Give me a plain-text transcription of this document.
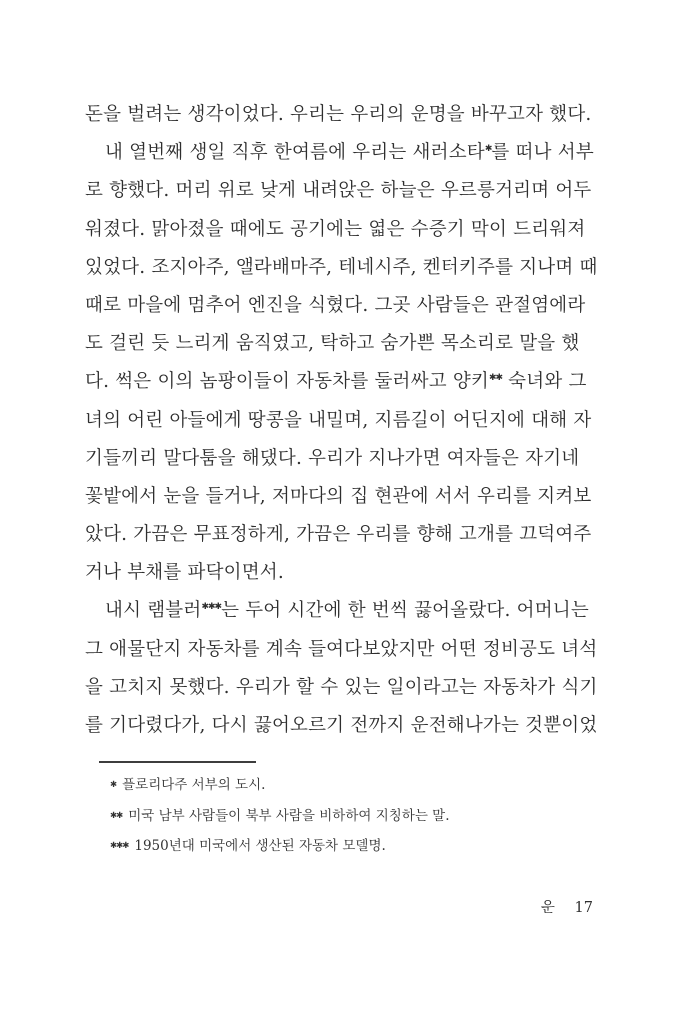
돈을 벌려는 생각이었다. 우리는 우리의 운명을 바꾸고자 했다.
내 열번째 생일 직후 한여름에 우리는 새러소타✱를 떠나 서부
로 향했다. 머리 위로 낮게 내려앉은 하늘은 우르릉거리며 어두
워졌다. 맑아졌을 때에도 공기에는 엷은 수증기 막이 드리워져
있었다. 조지아주, 앨라배마주, 테네시주, 켄터키주를 지나며 때
때로 마을에 멈추어 엔진을 식혔다. 그곳 사람들은 관절염에라
도 걸린 듯 느리게 움직였고, 탁하고 숨가쁜 목소리로 말을 했
다. 썩은 이의 놈팡이들이 자동차를 둘러싸고 양키✱✱ 숙녀와 그
녀의 어린 아들에게 땅콩을 내밀며, 지름길이 어딘지에 대해 자
기들끼리 말다툼을 해댔다. 우리가 지나가면 여자들은 자기네
꽃밭에서 눈을 들거나, 저마다의 집 현관에 서서 우리를 지켜보
았다. 가끔은 무표정하게, 가끔은 우리를 향해 고개를 끄덕여주
거나 부채를 파닥이면서.
내시 램블러✱✱✱는 두어 시간에 한 번씩 끓어올랐다. 어머니는
그 애물단지 자동차를 계속 들여다보았지만 어떤 정비공도 녀석
을 고치지 못했다. 우리가 할 수 있는 일이라고는 자동차가 식기
를 기다렸다가, 다시 끓어오르기 전까지 운전해나가는 것뿐이었
✱ 플로리다주 서부의 도시.
✱✱ 미국 남부 사람들이 북부 사람을 비하하여 지칭하는 말.
✱✱✱ 1950년대 미국에서 생산된 자동차 모델명.
운 17
